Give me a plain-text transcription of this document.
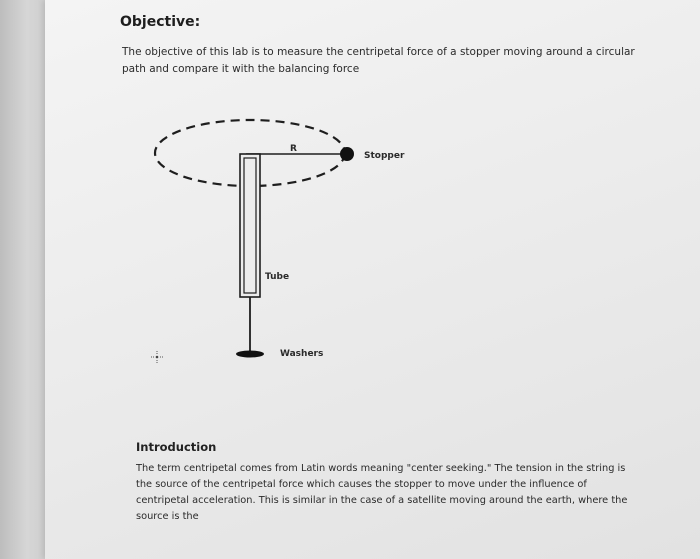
Objective:

The objective of this lab is to measure the centripetal force of a stopper moving around a circular path and compare it with the balancing force

R
Stopper
Tube
Washers
Introduction

The term centripetal comes from Latin words meaning "center seeking." The tension in the string is the source of the centripetal force which causes the stopper to move under the influence of centripetal acceleration. This is similar in the case of a satellite moving around the earth, where the source is the
